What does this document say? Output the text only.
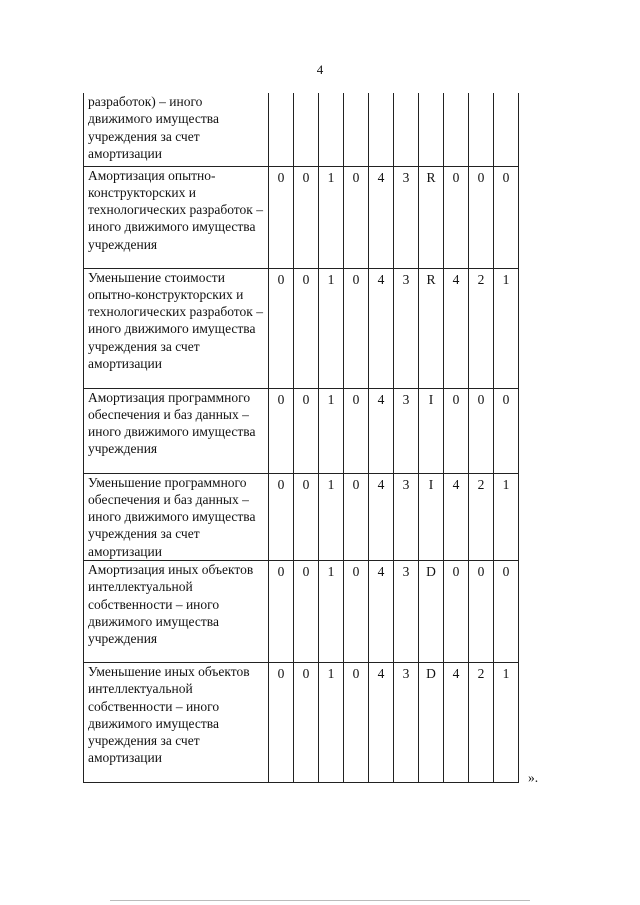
4
разработок) – иного движимого имущества учреждения за счет амортизации										
Амортизация опытно-конструкторских и технологических разработок – иного движимого имущества учреждения	0	0	1	0	4	3	R	0	0	0
Уменьшение стоимости опытно-конструкторских и технологических разработок – иного движимого имущества учреждения за счет амортизации	0	0	1	0	4	3	R	4	2	1
Амортизация программного обеспечения и баз данных – иного движимого имущества учреждения	0	0	1	0	4	3	I	0	0	0
Уменьшение программного обеспечения и баз данных – иного движимого имущества учреждения за счет амортизации	0	0	1	0	4	3	I	4	2	1
Амортизация иных объектов интеллектуальной собственности – иного движимого имущества учреждения	0	0	1	0	4	3	D	0	0	0
Уменьшение иных объектов интеллектуальной собственности – иного движимого имущества учреждения за счет амортизации	0	0	1	0	4	3	D	4	2	1
».
